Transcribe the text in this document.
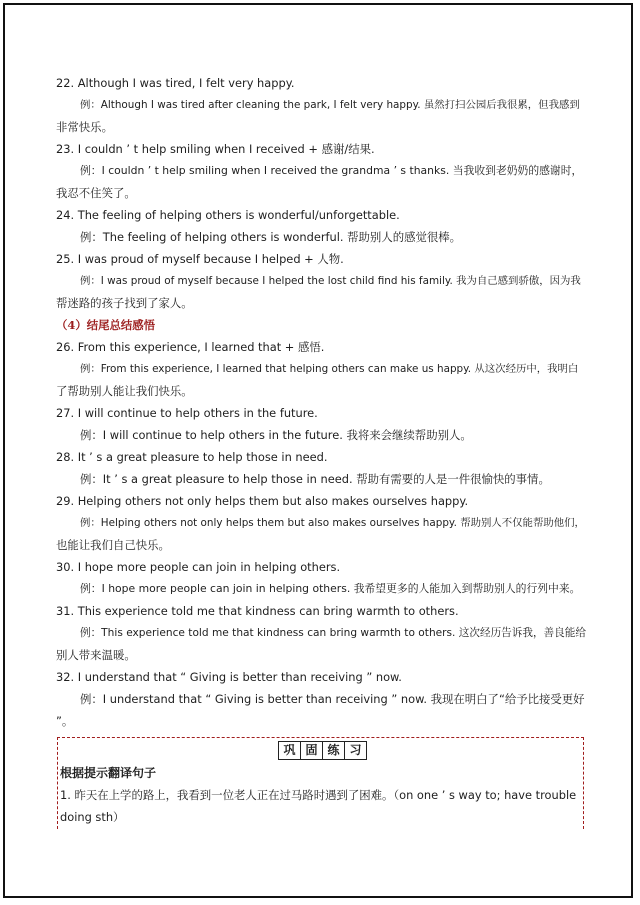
22. Although I was tired, I felt very happy.
例：Although I was tired after cleaning the park, I felt very happy. 虽然打扫公园后我很累，但我感到
非常快乐。
23. I couldn ’ t help smiling when I received + 感谢/结果.
例：I couldn ’ t help smiling when I received the grandma ’ s thanks. 当我收到老奶奶的感谢时，
我忍不住笑了。
24. The feeling of helping others is wonderful/unforgettable.
例：The feeling of helping others is wonderful. 帮助别人的感觉很棒。
25. I was proud of myself because I helped + 人物.
例：I was proud of myself because I helped the lost child find his family. 我为自己感到骄傲，因为我
帮迷路的孩子找到了家人。
（4）结尾总结感悟
26. From this experience, I learned that + 感悟.
例：From this experience, I learned that helping others can make us happy. 从这次经历中，我明白
了帮助别人能让我们快乐。
27. I will continue to help others in the future.
例：I will continue to help others in the future. 我将来会继续帮助别人。
28. It ’ s a great pleasure to help those in need.
例：It ’ s a great pleasure to help those in need. 帮助有需要的人是一件很愉快的事情。
29. Helping others not only helps them but also makes ourselves happy.
例：Helping others not only helps them but also makes ourselves happy. 帮助别人不仅能帮助他们，
也能让我们自己快乐。
30. I hope more people can join in helping others.
例：I hope more people can join in helping others. 我希望更多的人能加入到帮助别人的行列中来。
31. This experience told me that kindness can bring warmth to others.
例：This experience told me that kindness can bring warmth to others. 这次经历告诉我，善良能给
别人带来温暖。
32. I understand that “ Giving is better than receiving ” now.
例：I understand that “ Giving is better than receiving ” now. 我现在明白了“给予比接受更好
”。
巩 固 练 习
根据提示翻译句子
1. 昨天在上学的路上，我看到一位老人正在过马路时遇到了困难。（on one ’ s way to; have trouble doing sth）
